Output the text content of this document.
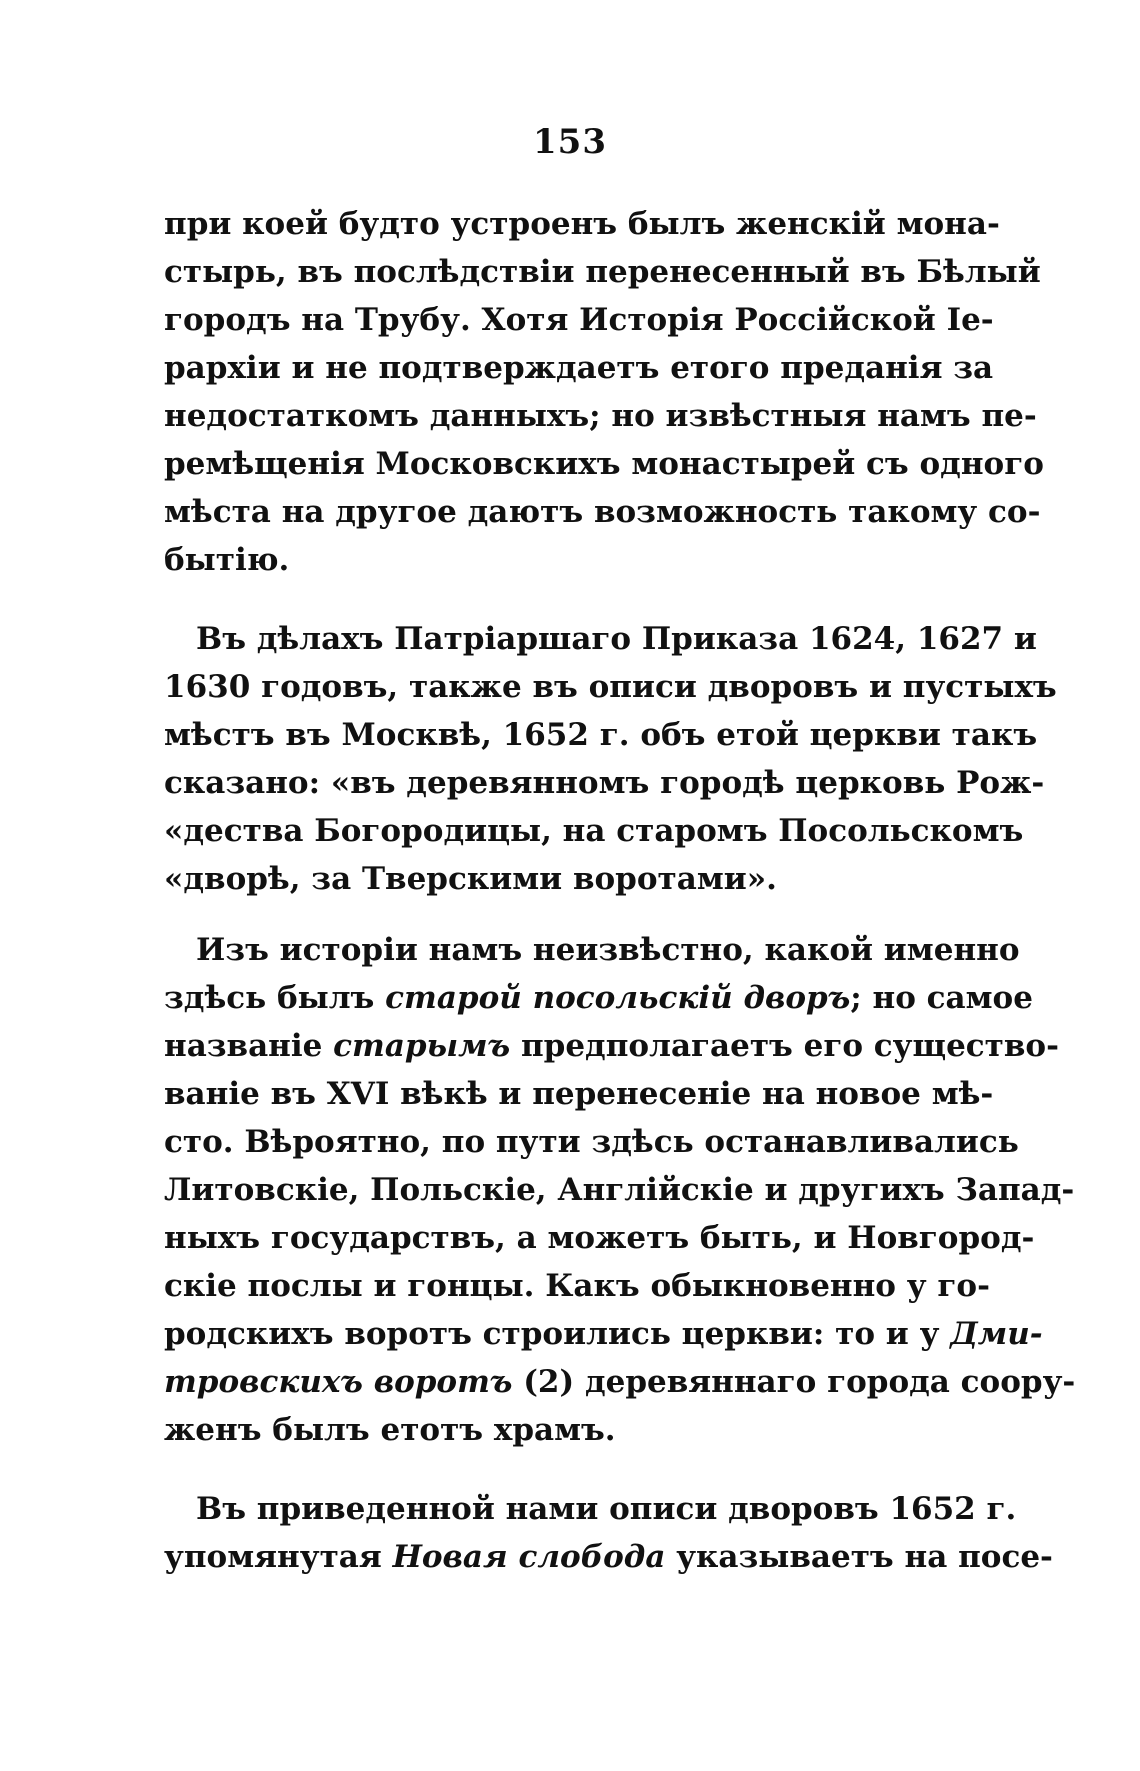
153
при коей будто устроенъ былъ женскій мона-
стырь, въ послѣдствіи перенесенный въ Бѣлый
городъ на Трубу. Хотя Исторія Россійской Іе-
рархіи и не подтверждаетъ етого преданія за
недостаткомъ данныхъ; но извѣстныя намъ пе-
ремѣщенія Московскихъ монастырей съ одного
мѣста на другое даютъ возможность такому со-
бытію.
Въ дѣлахъ Патріаршаго Приказа 1624, 1627 и
1630 годовъ, также въ описи дворовъ и пустыхъ
мѣстъ въ Москвѣ, 1652 г. объ етой церкви такъ
сказано: «въ деревянномъ городѣ церковь Рож-
«дества Богородицы, на старомъ Посольскомъ
«дворѣ, за Тверскими воротами».
Изъ исторіи намъ неизвѣстно, какой именно
здѣсь былъ старой посольскій дворъ; но самое
названіе старымъ предполагаетъ его существо-
ваніе въ XVI вѣкѣ и перенесеніе на новое мѣ-
сто. Вѣроятно, по пути здѣсь останавливались
Литовскіе, Польскіе, Англійскіе и другихъ Запад-
ныхъ государствъ, а можетъ быть, и Новгород-
скіе послы и гонцы. Какъ обыкновенно у го-
родскихъ воротъ строились церкви: то и у Дми-
тровскихъ воротъ (2) деревяннаго города соору-
женъ былъ етотъ храмъ.
Въ приведенной нами описи дворовъ 1652 г.
упомянутая Новая слобода указываетъ на посе-
